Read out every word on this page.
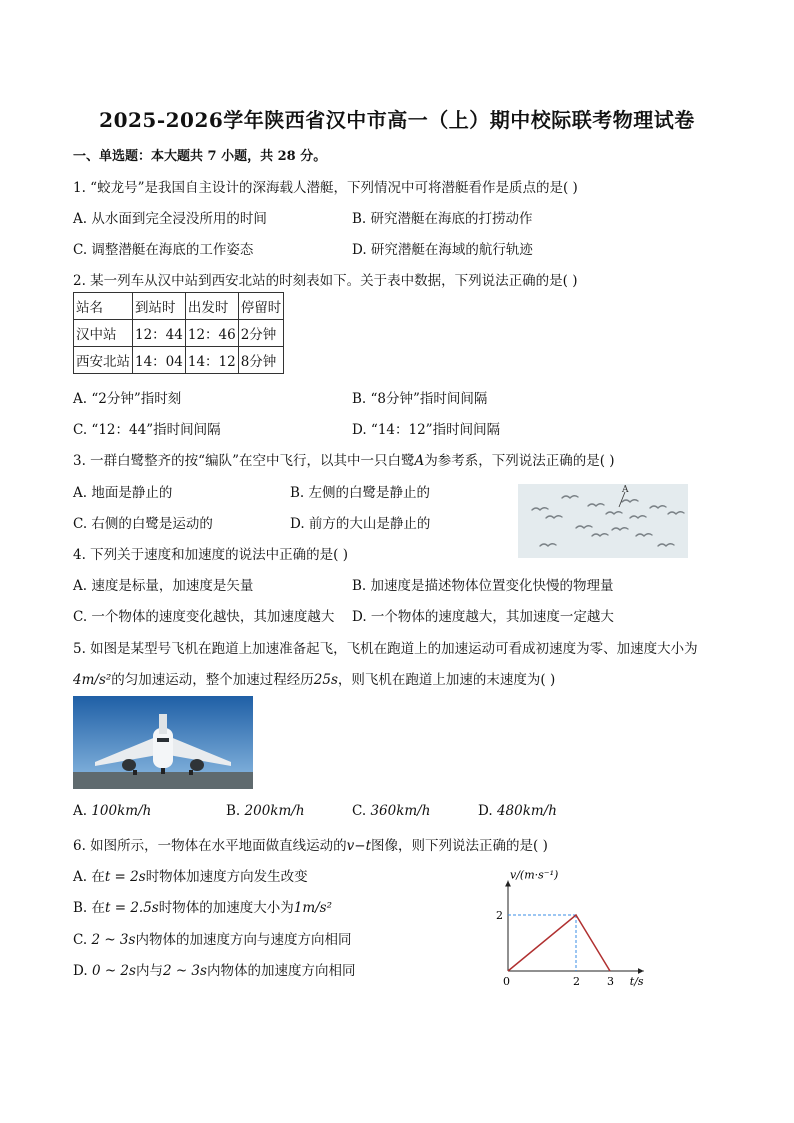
2025-2026学年陕西省汉中市高一（上）期中校际联考物理试卷
一、单选题：本大题共 7 小题，共 28 分。
1. “蛟龙号”是我国自主设计的深海载人潜艇，下列情况中可将潜艇看作是质点的是( )
A. 从水面到完全浸没所用的时间	B. 研究潜艇在海底的打捞动作
C. 调整潜艇在海底的工作姿态	D. 研究潜艇在海域的航行轨迹
2. 某一列车从汉中站到西安北站的时刻表如下。关于表中数据，下列说法正确的是( )
站名	到站时	出发时	停留时
汉中站	12：44	12：46	2分钟
西安北站	14：04	14：12	8分钟
A. “2分钟”指时刻	B. “8分钟”指时间间隔
C. “12：44”指时间间隔	D. “14：12”指时间间隔
3. 一群白鹭整齐的按“编队”在空中飞行，以其中一只白鹭A为参考系，下列说法正确的是( )
A. 地面是静止的	B. 左侧的白鹭是静止的
C. 右侧的白鹭是运动的	D. 前方的大山是静止的
A
4. 下列关于速度和加速度的说法中正确的是( )
A. 速度是标量，加速度是矢量	B. 加速度是描述物体位置变化快慢的物理量
C. 一个物体的速度变化越快，其加速度越大 D. 一个物体的速度越大，其加速度一定越大
5. 如图是某型号飞机在跑道上加速准备起飞，飞机在跑道上的加速运动可看成初速度为零、加速度大小为
4m/s²的匀加速运动，整个加速过程经历25s，则飞机在跑道上加速的末速度为( )
A. 100km/h	B. 200km/h	C. 360km/h	D. 480km/h
6. 如图所示，一物体在水平地面做直线运动的v−t图像，则下列说法正确的是( )
A. 在t = 2s时物体加速度方向发生改变
B. 在t = 2.5s时物体的加速度大小为1m/s²
C. 2 ~ 3s内物体的加速度方向与速度方向相同
D. 0 ~ 2s内与2 ~ 3s内物体的加速度方向相同
v/(m·s⁻¹)
t/s
0	2 3
2
